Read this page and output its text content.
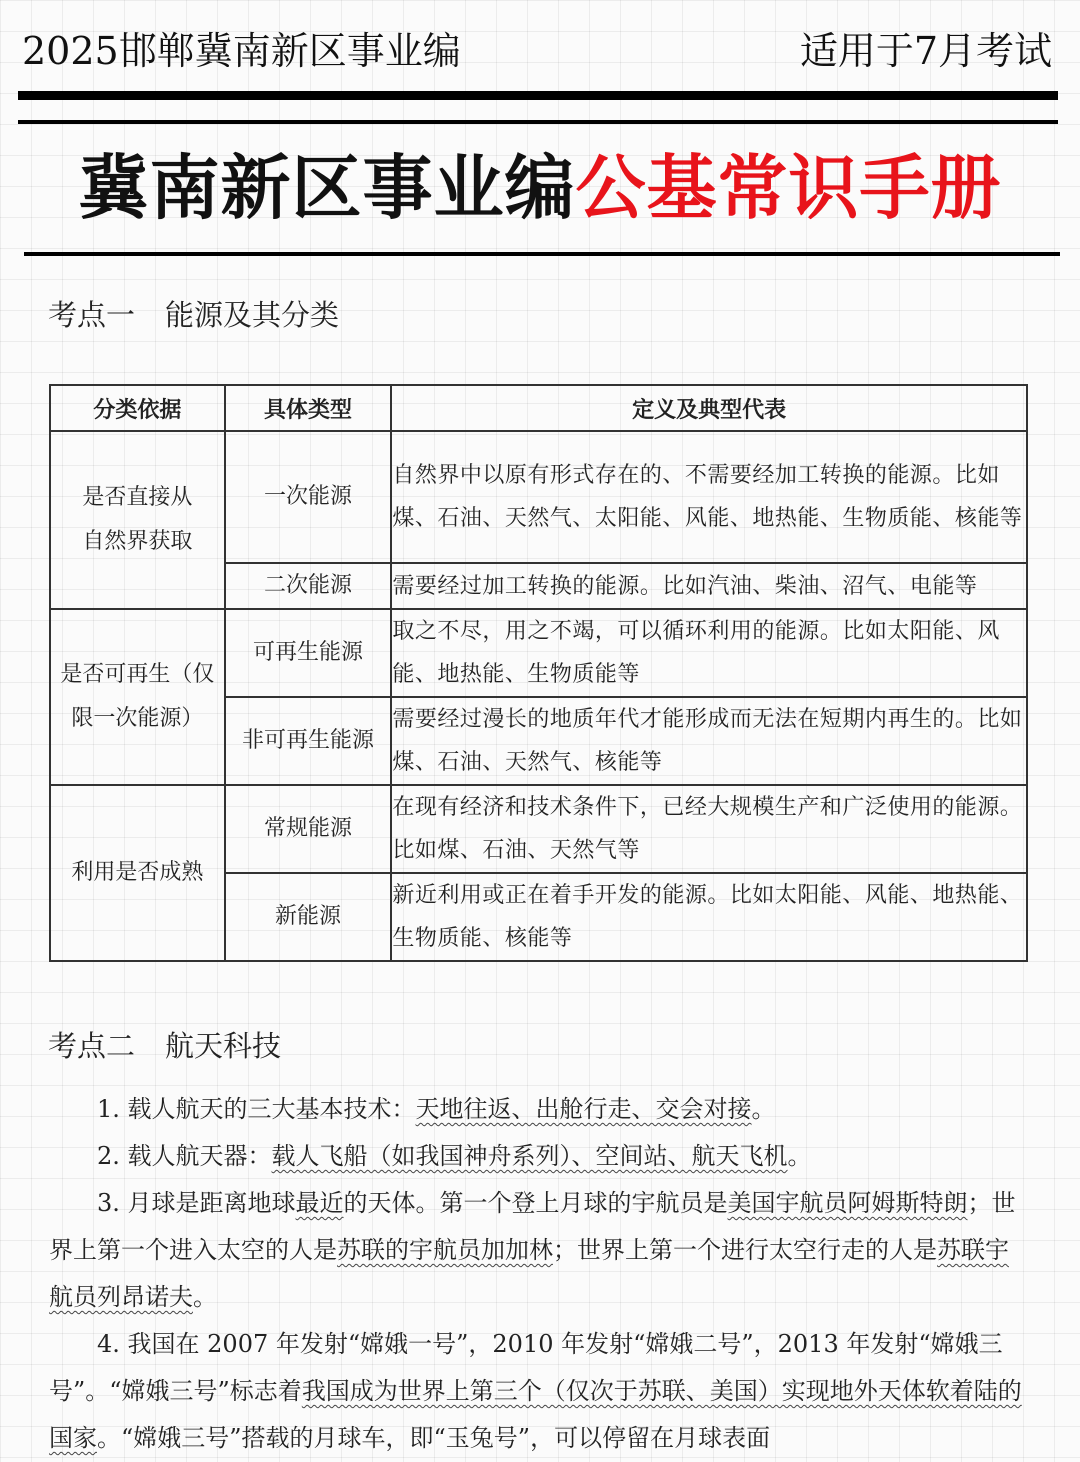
2025邯郸冀南新区事业编	适用于7月考试
冀南新区事业编公基常识手册
考点一 能源及其分类
分类依据	具体类型	定义及典型代表

是否直接从
自然界获取	一次能源	自然界中以原有形式存在的、不需要经加工转换的能源。比如煤、石油、天然气、太阳能、风能、地热能、生物质能、核能等
	二次能源	需要经过加工转换的能源。比如汽油、柴油、沼气、电能等

是否可再生（仅
限一次能源）	可再生能源	取之不尽，用之不竭，可以循环利用的能源。比如太阳能、风能、地热能、生物质能等
	非可再生能源	需要经过漫长的地质年代才能形成而无法在短期内再生的。比如煤、石油、天然气、核能等

利用是否成熟	常规能源	在现有经济和技术条件下，已经大规模生产和广泛使用的能源。比如煤、石油、天然气等
	新能源	新近利用或正在着手开发的能源。比如太阳能、风能、地热能、生物质能、核能等
考点二 航天科技

1. 载人航天的三大基本技术：天地往返、出舱行走、交会对接。

2. 载人航天器：载人飞船（如我国神舟系列）、空间站、航天飞机。

3. 月球是距离地球最近的天体。第一个登上月球的宇航员是美国宇航员阿姆斯特朗；世界上第一个进入太空的人是苏联的宇航员加加林；世界上第一个进行太空行走的人是苏联宇航员列昂诺夫。

4. 我国在 2007 年发射“嫦娥一号”，2010 年发射“嫦娥二号”，2013 年发射“嫦娥三号”。“嫦娥三号”标志着我国成为世界上第三个（仅次于苏联、美国）实现地外天体软着陆的国家。“嫦娥三号”搭载的月球车，即“玉兔号”，可以停留在月球表面
